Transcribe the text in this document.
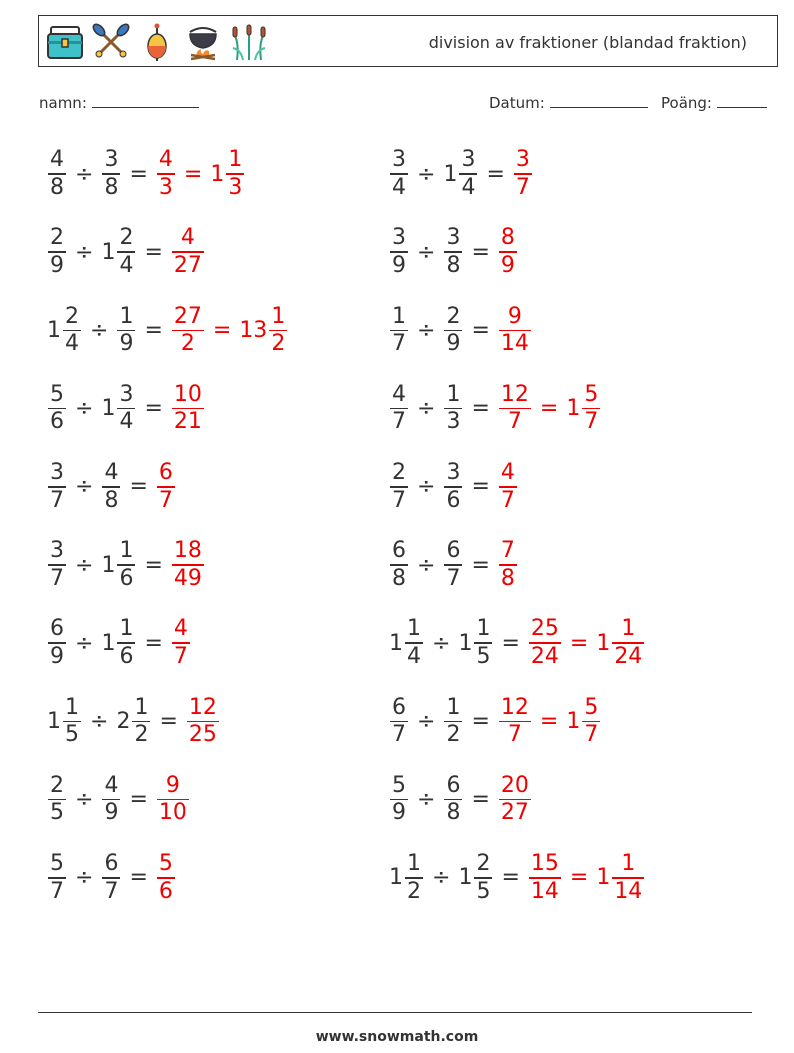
division av fraktioner (blandad fraktion)
namn:	Datum:	Poäng:
$\frac{4}{8} \div \frac{3}{8} = \frac{4}{3} = 1 \frac{1}{3}$	$\frac{3}{4} \div 1 \frac{3}{4} = \frac{3}{7}$
$\frac{2}{9} \div 1 \frac{2}{4} = \frac{4}{27}$	$\frac{3}{9} \div \frac{3}{8} = \frac{8}{9}$
$1 \frac{2}{4} \div \frac{1}{9} = \frac{27}{2} = 13 \frac{1}{2}$	$\frac{1}{7} \div \frac{2}{9} = \frac{9}{14}$
$\frac{5}{6} \div 1 \frac{3}{4} = \frac{10}{21}$	$\frac{4}{7} \div \frac{1}{3} = \frac{12}{7} = 1 \frac{5}{7}$
$\frac{3}{7} \div \frac{4}{8} = \frac{6}{7}$	$\frac{2}{7} \div \frac{3}{6} = \frac{4}{7}$
$\frac{3}{7} \div 1 \frac{1}{6} = \frac{18}{49}$	$\frac{6}{8} \div \frac{6}{7} = \frac{7}{8}$
$\frac{6}{9} \div 1 \frac{1}{6} = \frac{4}{7}$	$1 \frac{1}{4} \div 1 \frac{1}{5} = \frac{25}{24} = 1 \frac{1}{24}$
$1 \frac{1}{5} \div 2 \frac{1}{2} = \frac{12}{25}$	$\frac{6}{7} \div \frac{1}{2} = \frac{12}{7} = 1 \frac{5}{7}$
$\frac{2}{5} \div \frac{4}{9} = \frac{9}{10}$	$\frac{5}{9} \div \frac{6}{8} = \frac{20}{27}$
$\frac{5}{7} \div \frac{6}{7} = \frac{5}{6}$	$1 \frac{1}{2} \div 1 \frac{2}{5} = \frac{15}{14} = 1 \frac{1}{14}$
www.snowmath.com
